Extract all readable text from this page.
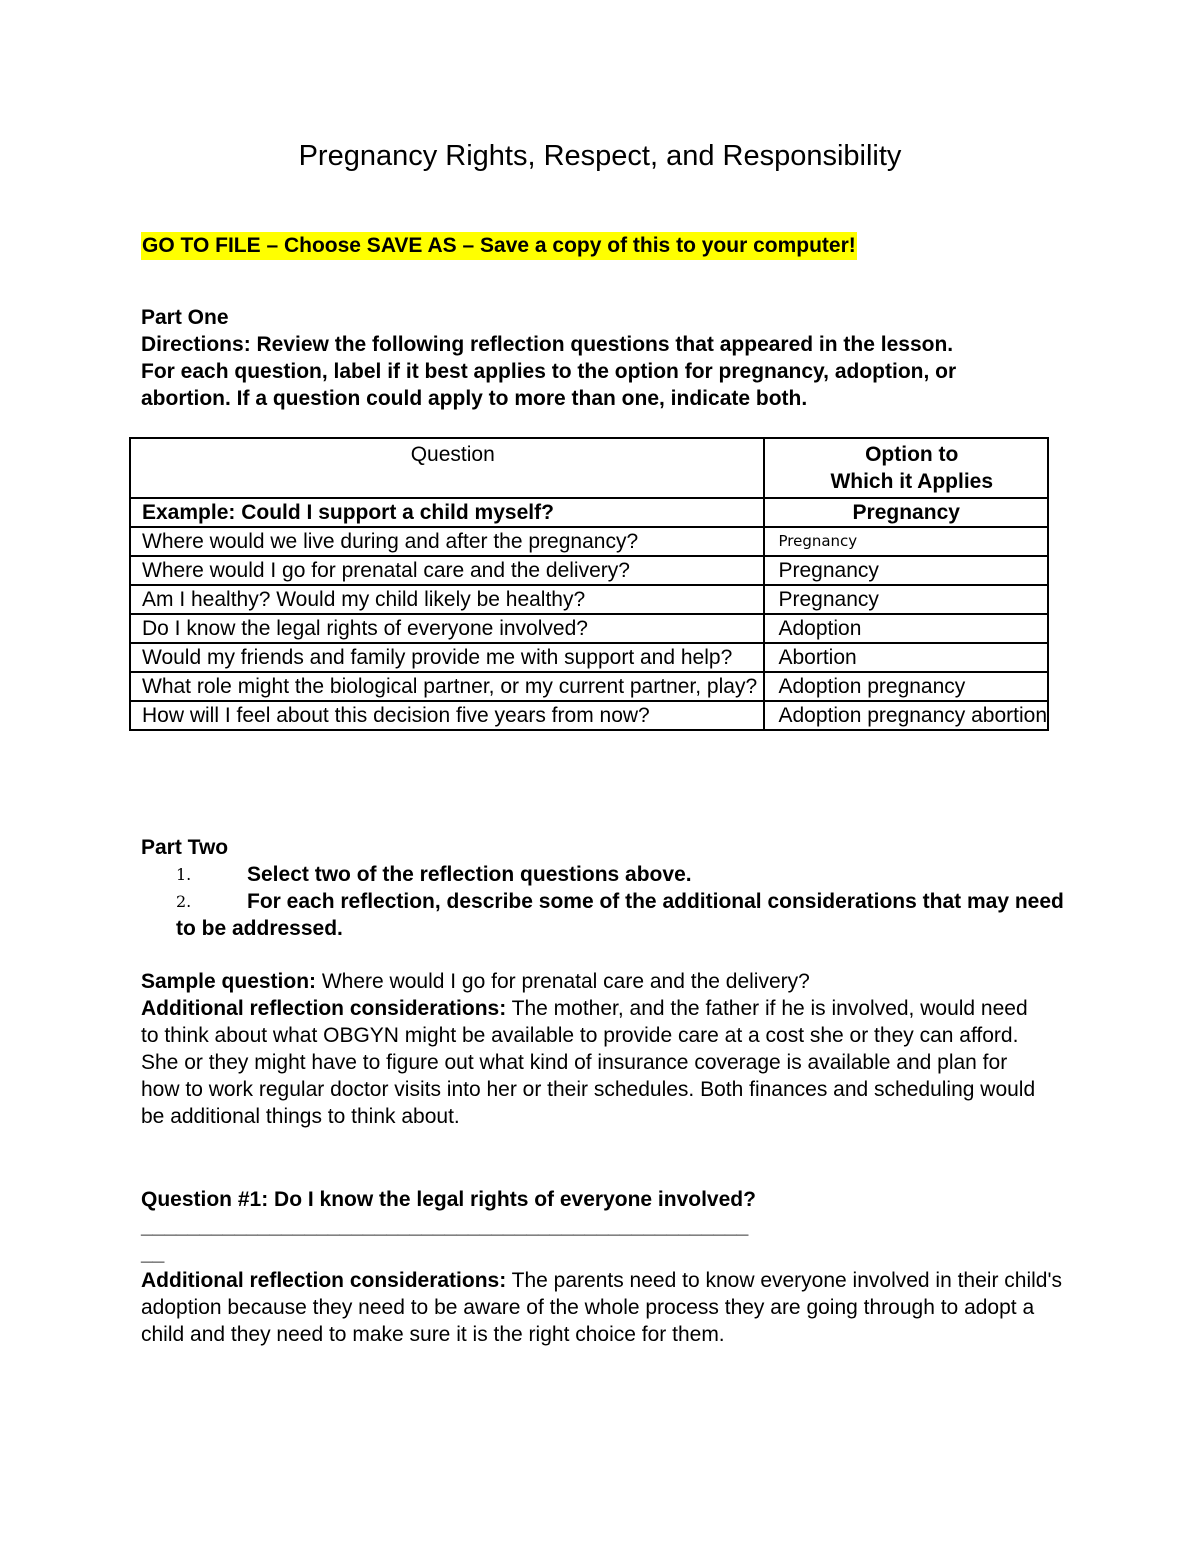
Pregnancy Rights, Respect, and Responsibility
GO TO FILE – Choose SAVE AS – Save a copy of this to your computer!
Part One
Directions: Review the following reflection questions that appeared in the lesson.
For each question, label if it best applies to the option for pregnancy, adoption, or
abortion. If a question could apply to more than one, indicate both.
Question	Option to
Which it Applies

Example: Could I support a child myself?	Pregnancy
Where would we live during and after the pregnancy?	Pregnancy
Where would I go for prenatal care and the delivery?	Pregnancy
Am I healthy? Would my child likely be healthy?	Pregnancy
Do I know the legal rights of everyone involved?	Adoption
Would my friends and family provide me with support and help?	Abortion
What role might the biological partner, or my current partner, play?	Adoption pregnancy
How will I feel about this decision five years from now?	Adoption pregnancy abortion
Part Two
1.	Select two of the reflection questions above.
2.	For each reflection, describe some of the additional considerations that may need to be addressed.
Sample question: Where would I go for prenatal care and the delivery?
Additional reflection considerations: The mother, and the father if he is involved, would need to think about what OBGYN might be available to provide care at a cost she or they can afford. She or they might have to figure out what kind of insurance coverage is available and plan for how to work regular doctor visits into her or their schedules. Both finances and scheduling would be additional things to think about.
Question #1: Do I know the legal rights of everyone involved? ____________________________________________________
__
Additional reflection considerations: The parents need to know everyone involved in their child's adoption because they need to be aware of the whole process they are going through to adopt a child and they need to make sure it is the right choice for them.
